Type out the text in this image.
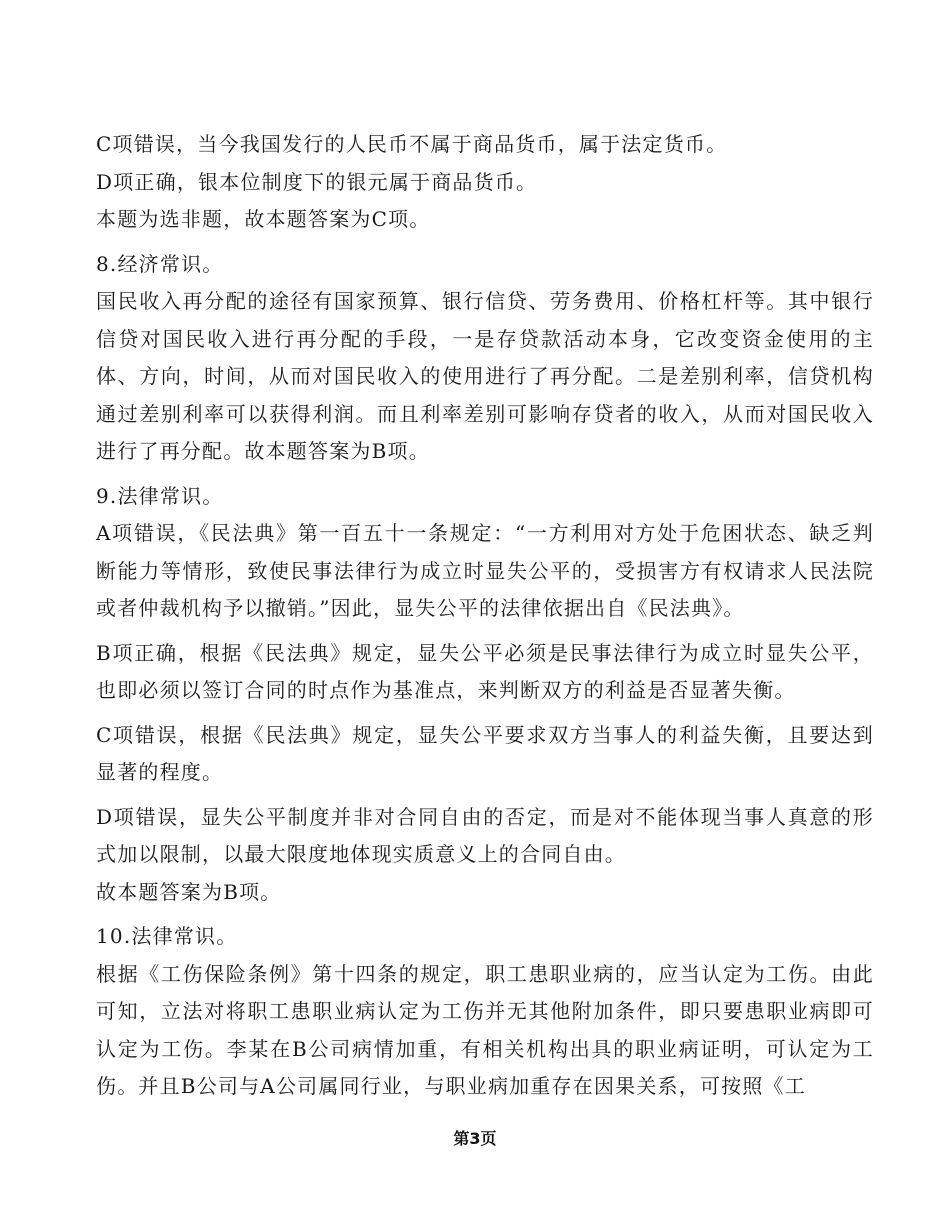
C项错误，当今我国发行的人民币不属于商品货币，属于法定货币。

D项正确，银本位制度下的银元属于商品货币。

本题为选非题，故本题答案为C项。

8.经济常识。

国民收入再分配的途径有国家预算、银行信贷、劳务费用、价格杠杆等。其中银行信贷对国民收入进行再分配的手段，一是存贷款活动本身，它改变资金使用的主体、方向，时间，从而对国民收入的使用进行了再分配。二是差别利率，信贷机构通过差别利率可以获得利润。而且利率差别可影响存贷者的收入，从而对国民收入进行了再分配。故本题答案为B项。

9.法律常识。

A项错误，《民法典》第一百五十一条规定：“一方利用对方处于危困状态、缺乏判断能力等情形，致使民事法律行为成立时显失公平的，受损害方有权请求人民法院或者仲裁机构予以撤销。”因此，显失公平的法律依据出自《民法典》。

B项正确，根据《民法典》规定，显失公平必须是民事法律行为成立时显失公平，也即必须以签订合同的时点作为基准点，来判断双方的利益是否显著失衡。

C项错误，根据《民法典》规定，显失公平要求双方当事人的利益失衡，且要达到显著的程度。

D项错误，显失公平制度并非对合同自由的否定，而是对不能体现当事人真意的形式加以限制，以最大限度地体现实质意义上的合同自由。

故本题答案为B项。

10.法律常识。

根据《工伤保险条例》第十四条的规定，职工患职业病的，应当认定为工伤。由此可知，立法对将职工患职业病认定为工伤并无其他附加条件，即只要患职业病即可认定为工伤。李某在B公司病情加重，有相关机构出具的职业病证明，可认定为工伤。并且B公司与A公司属同行业，与职业病加重存在因果关系，可按照《工

第3页
